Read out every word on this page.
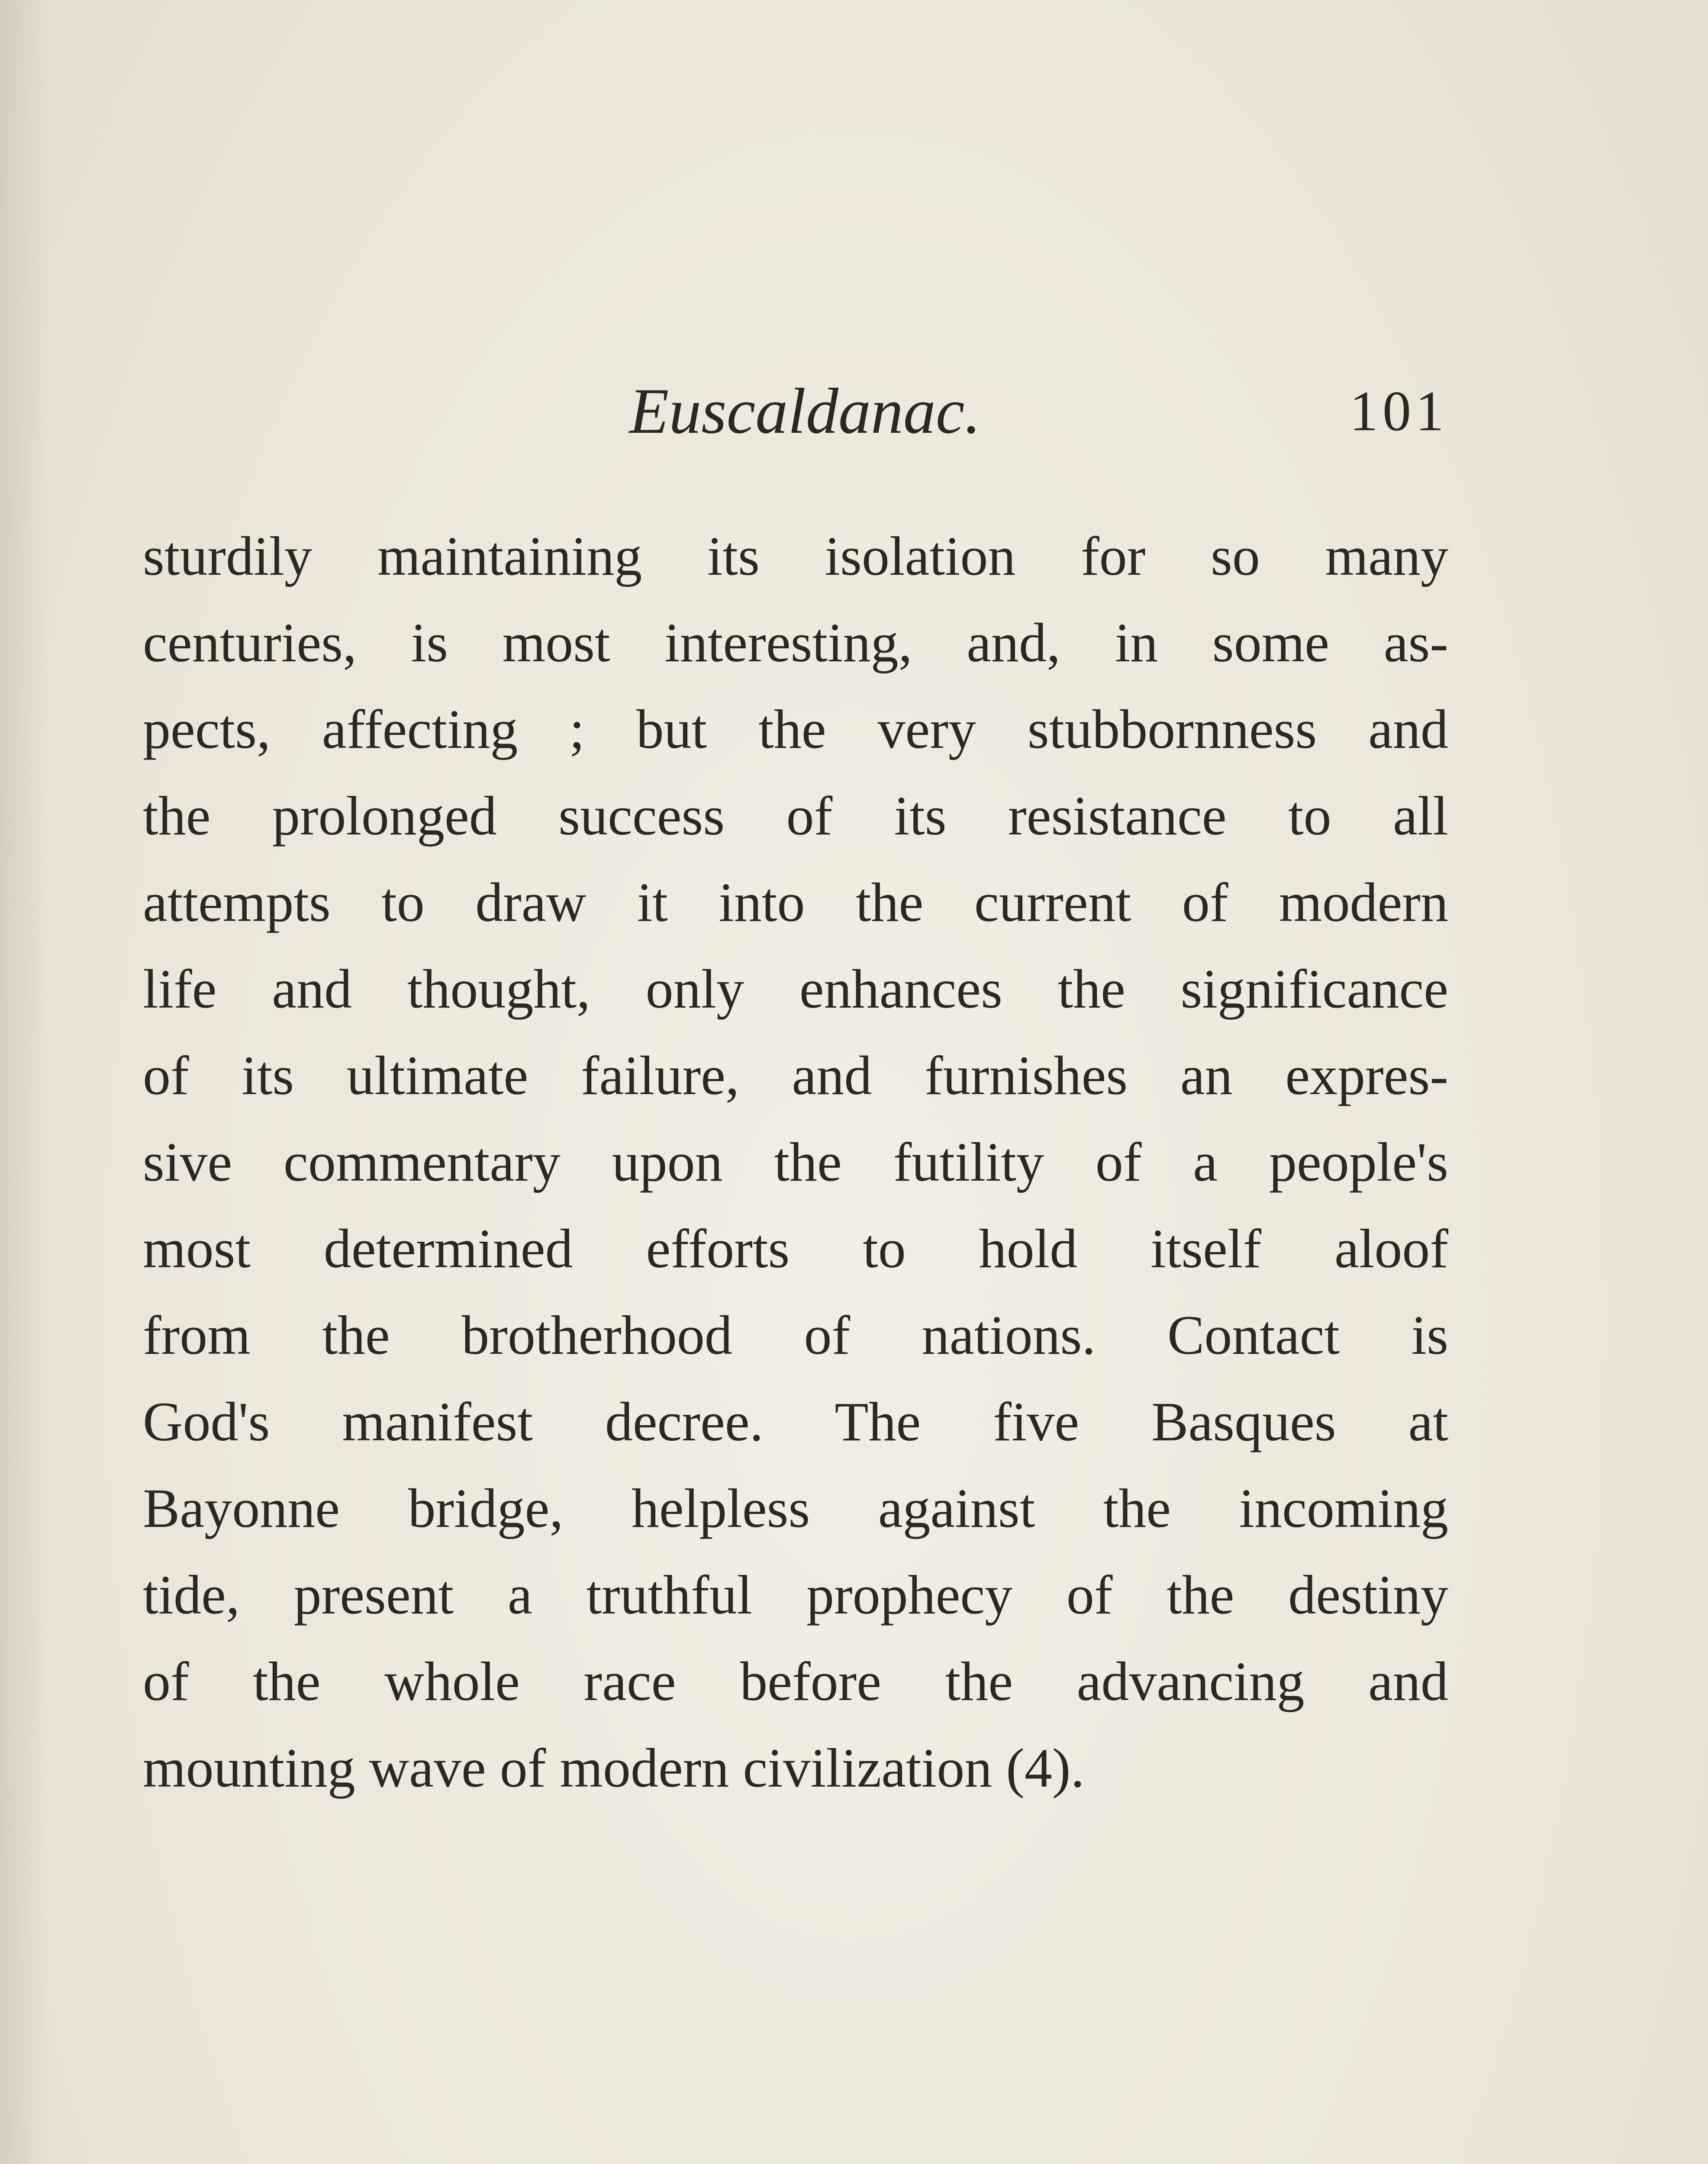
Euscaldanac.	101
sturdily maintaining its isolation for so many
centuries, is most interesting, and, in some as-
pects, affecting ; but the very stubbornness and
the prolonged success of its resistance to all
attempts to draw it into the current of modern
life and thought, only enhances the significance
of its ultimate failure, and furnishes an expres-
sive commentary upon the futility of a people's
most determined efforts to hold itself aloof
from the brotherhood of nations. Contact is
God's manifest decree. The five Basques at
Bayonne bridge, helpless against the incoming
tide, present a truthful prophecy of the destiny
of the whole race before the advancing and
mounting wave of modern civilization (4).
